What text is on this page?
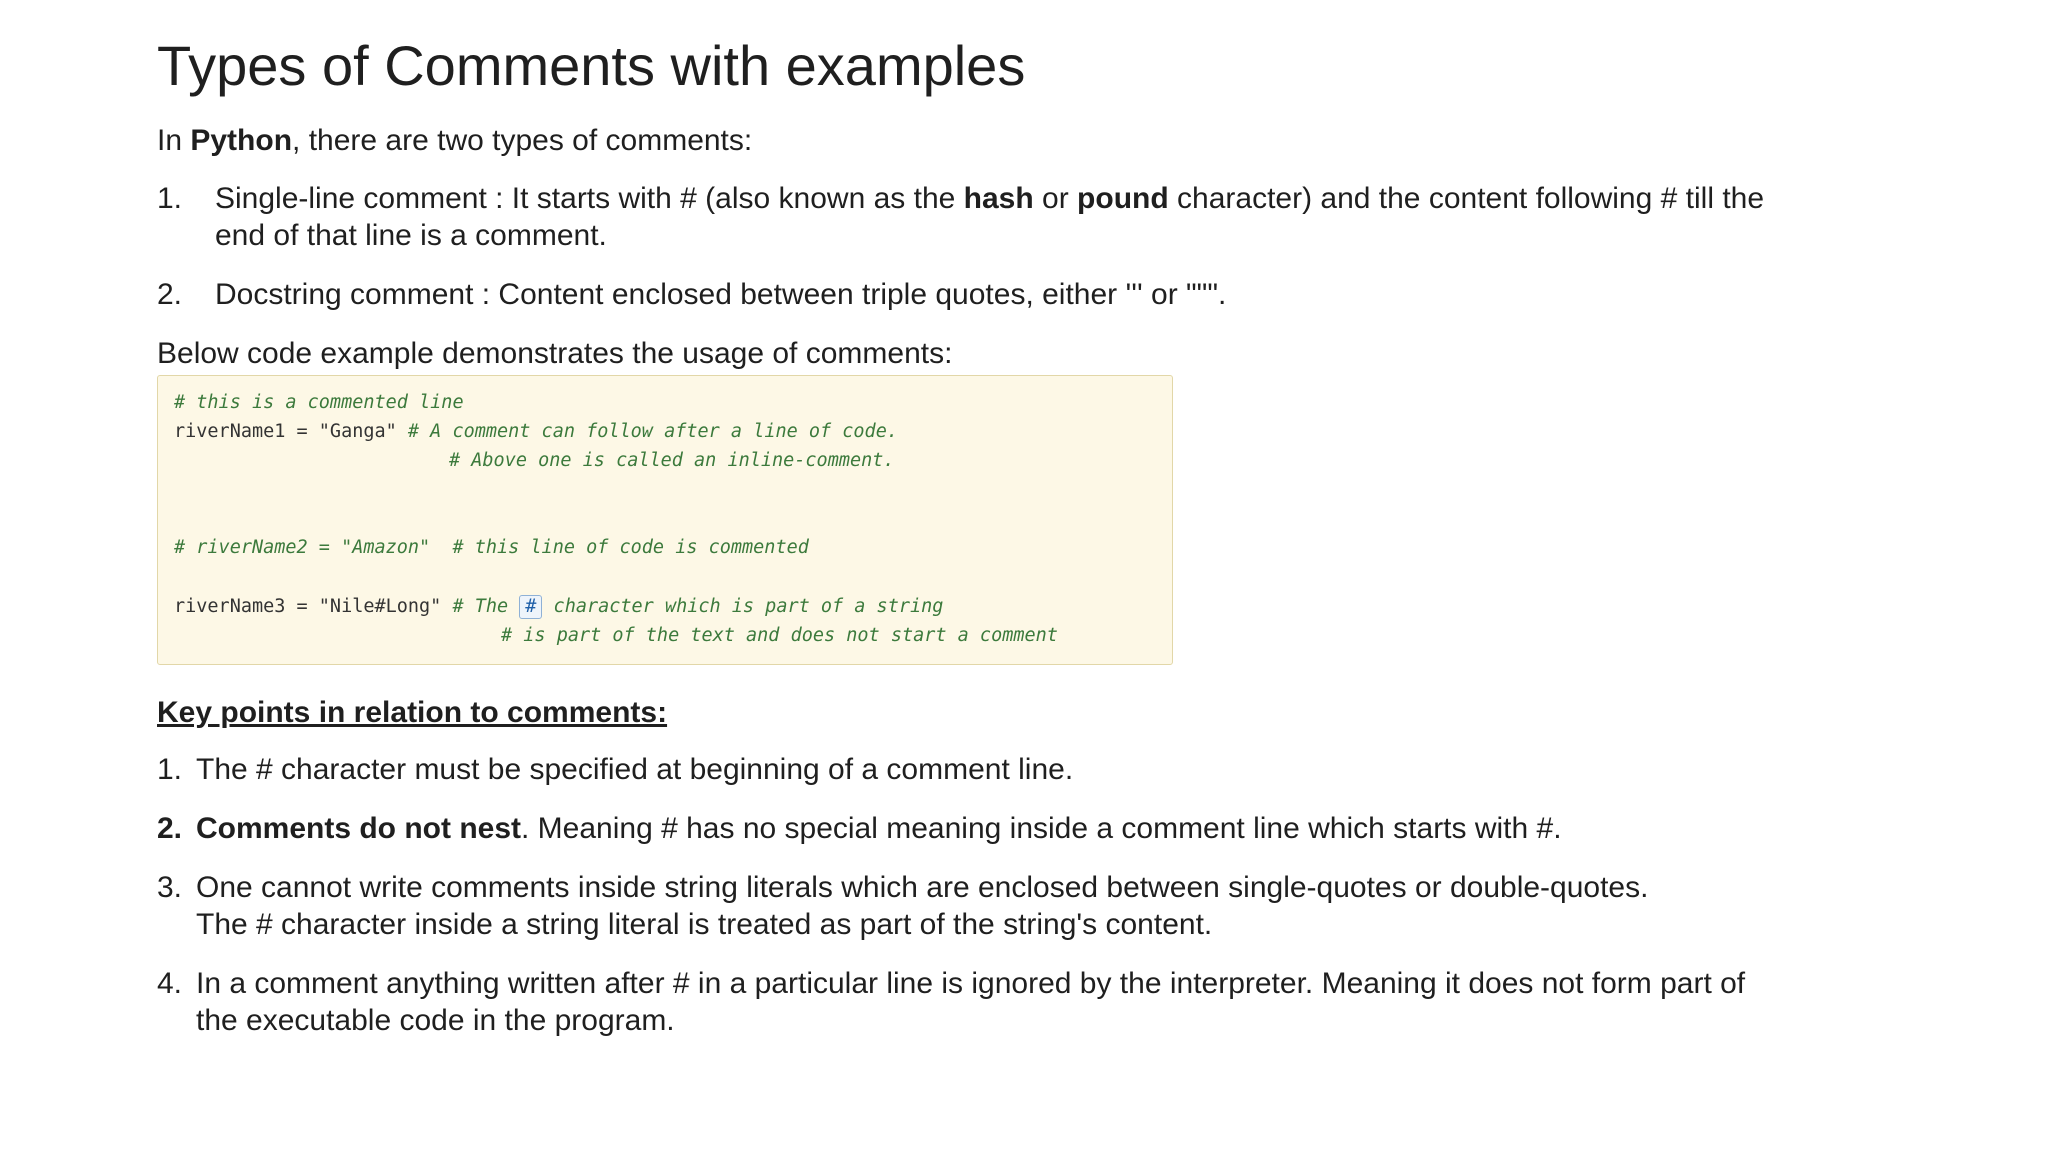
Types of Comments with examples
In Python, there are two types of comments:
1. Single-line comment : It starts with # (also known as the hash or pound character) and the content following # till the
end of that line is a comment.
2. Docstring comment : Content enclosed between triple quotes, either ''' or """.
Below code example demonstrates the usage of comments:
# this is a commented line
riverName1 = "Ganga" # A comment can follow after a line of code.
# Above one is called an inline-comment.
# riverName2 = "Amazon"  # this line of code is commented
riverName3 = "Nile#Long" # The # character which is part of a string
# is part of the text and does not start a comment
Key points in relation to comments:
1. The # character must be specified at beginning of a comment line.
2. Comments do not nest. Meaning # has no special meaning inside a comment line which starts with #.
3. One cannot write comments inside string literals which are enclosed between single-quotes or double-quotes.
The # character inside a string literal is treated as part of the string's content.
4. In a comment anything written after # in a particular line is ignored by the interpreter. Meaning it does not form part of
the executable code in the program.
